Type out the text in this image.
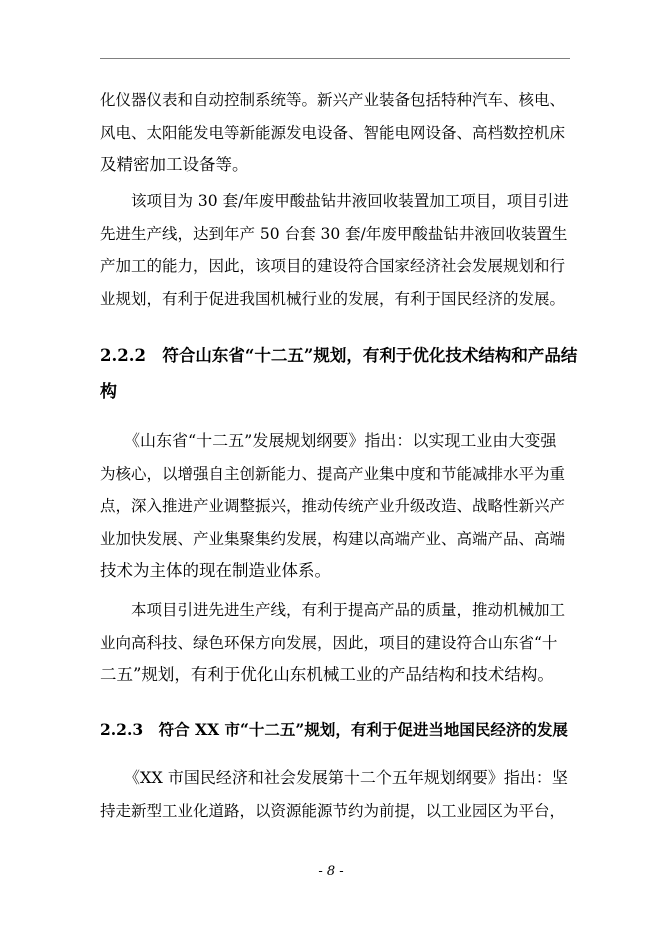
化仪器仪表和自动控制系统等。新兴产业装备包括特种汽车、核电、
风电、太阳能发电等新能源发电设备、智能电网设备、高档数控机床
及精密加工设备等。

　　该项目为 30 套/年废甲酸盐钻井液回收装置加工项目，项目引进
先进生产线，达到年产 50 台套 30 套/年废甲酸盐钻井液回收装置生
产加工的能力，因此，该项目的建设符合国家经济社会发展规划和行
业规划，有利于促进我国机械行业的发展，有利于国民经济的发展。

2.2.2　符合山东省“十二五”规划，有利于优化技术结构和产品结
构

　　《山东省“十二五”发展规划纲要》指出：以实现工业由大变强
为核心，以增强自主创新能力、提高产业集中度和节能减排水平为重
点，深入推进产业调整振兴，推动传统产业升级改造、战略性新兴产
业加快发展、产业集聚集约发展，构建以高端产业、高端产品、高端
技术为主体的现在制造业体系。

　　本项目引进先进生产线，有利于提高产品的质量，推动机械加工
业向高科技、绿色环保方向发展，因此，项目的建设符合山东省“十
二五”规划，有利于优化山东机械工业的产品结构和技术结构。

2.2.3　符合 XX 市“十二五”规划，有利于促进当地国民经济的发展

　　《XX 市国民经济和社会发展第十二个五年规划纲要》指出：坚
持走新型工业化道路，以资源能源节约为前提，以工业园区为平台，

- 8 -
